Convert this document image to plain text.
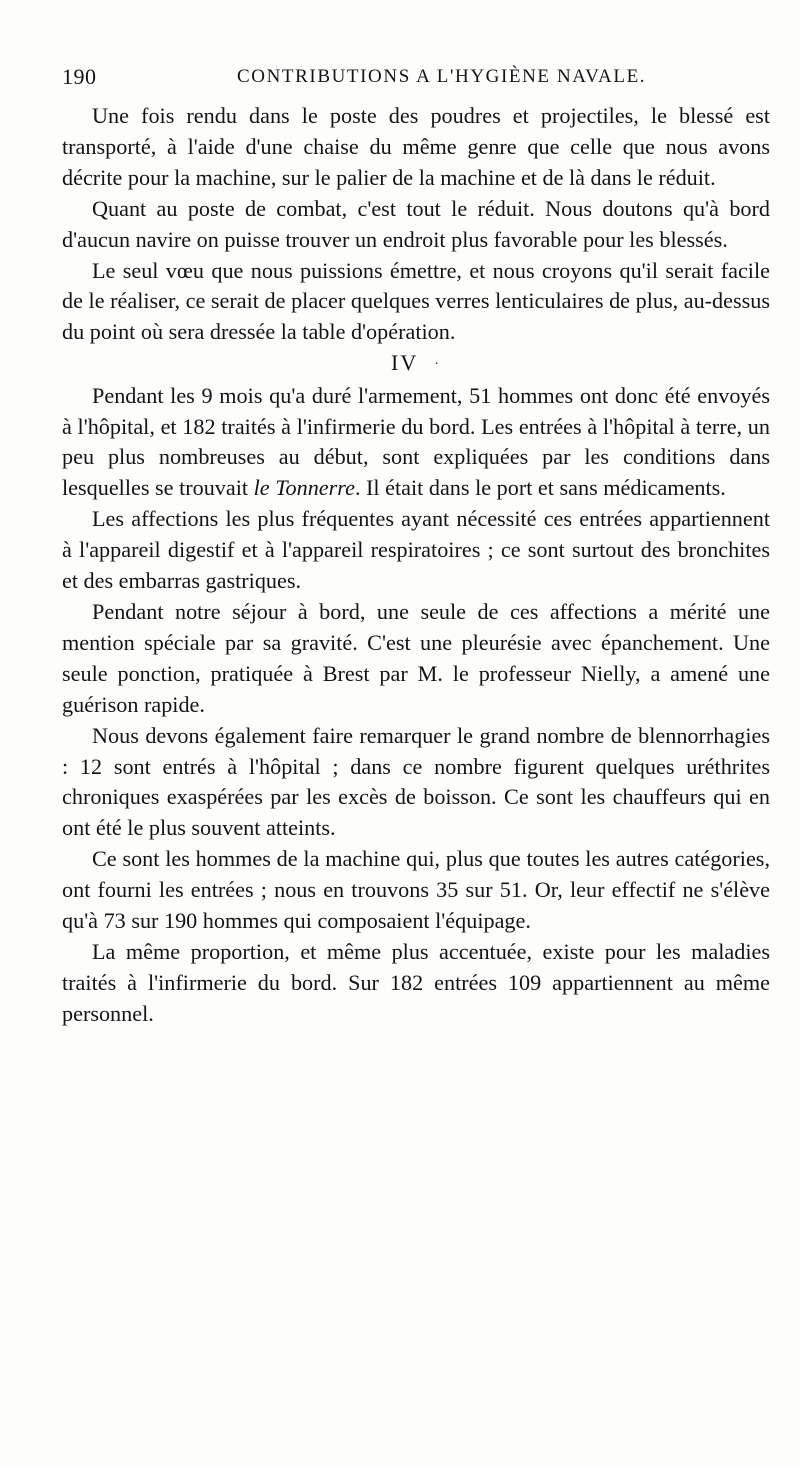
190	CONTRIBUTIONS A L'HYGIÈNE NAVALE.

Une fois rendu dans le poste des poudres et projectiles, le blessé est transporté, à l'aide d'une chaise du même genre que celle que nous avons décrite pour la machine, sur le palier de la machine et de là dans le réduit.

Quant au poste de combat, c'est tout le réduit. Nous doutons qu'à bord d'aucun navire on puisse trouver un endroit plus favorable pour les blessés.

Le seul vœu que nous puissions émettre, et nous croyons qu'il serait facile de le réaliser, ce serait de placer quelques verres lenticulaires de plus, au-dessus du point où sera dressée la table d'opération.

IV ·

Pendant les 9 mois qu'a duré l'armement, 51 hommes ont donc été envoyés à l'hôpital, et 182 traités à l'infirmerie du bord. Les entrées à l'hôpital à terre, un peu plus nombreuses au début, sont expliquées par les conditions dans lesquelles se trouvait le Tonnerre. Il était dans le port et sans médicaments.

Les affections les plus fréquentes ayant nécessité ces entrées appartiennent à l'appareil digestif et à l'appareil respiratoires ; ce sont surtout des bronchites et des embarras gastriques.

Pendant notre séjour à bord, une seule de ces affections a mérité une mention spéciale par sa gravité. C'est une pleurésie avec épanchement. Une seule ponction, pratiquée à Brest par M. le professeur Nielly, a amené une guérison rapide.

Nous devons également faire remarquer le grand nombre de blennorrhagies : 12 sont entrés à l'hôpital ; dans ce nombre figurent quelques uréthrites chroniques exaspérées par les excès de boisson. Ce sont les chauffeurs qui en ont été le plus souvent atteints.

Ce sont les hommes de la machine qui, plus que toutes les autres catégories, ont fourni les entrées ; nous en trouvons 35 sur 51. Or, leur effectif ne s'élève qu'à 73 sur 190 hommes qui composaient l'équipage.

La même proportion, et même plus accentuée, existe pour les maladies traités à l'infirmerie du bord. Sur 182 entrées 109 appartiennent au même personnel.
